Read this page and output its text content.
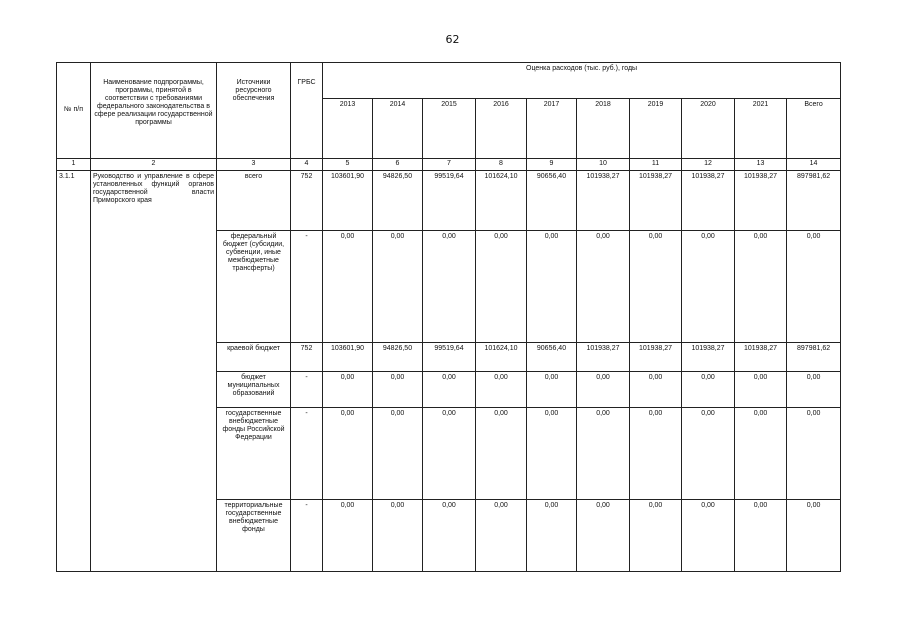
62
№ п/п	Наименование подпрограммы, программы, принятой в соответствии с требованиями федерального законодательства в сфере реализации государственной программы	Источники ресурсного обеспечения	ГРБС	Оценка расходов (тыс. руб.), годы									
				2013	2014	2015	2016	2017	2018	2019	2020	2021	Всего
1	2	3	4	5	6	7	8	9	10	11	12	13	14
3.1.1	Руководство и управление в сфере установленных функций органов государственной власти Приморского края	всего	752	103601,90	94826,50	99519,64	101624,10	90656,40	101938,27	101938,27	101938,27	101938,27	897981,62
		федеральный бюджет (субсидии, субвенции, иные межбюджетные трансферты)	-	0,00	0,00	0,00	0,00	0,00	0,00	0,00	0,00	0,00	0,00
		краевой бюджет	752	103601,90	94826,50	99519,64	101624,10	90656,40	101938,27	101938,27	101938,27	101938,27	897981,62
		бюджет муниципальных образований	-	0,00	0,00	0,00	0,00	0,00	0,00	0,00	0,00	0,00	0,00
		государственные внебюджетные фонды Российской Федерации	-	0,00	0,00	0,00	0,00	0,00	0,00	0,00	0,00	0,00	0,00
		территориальные государственные внебюджетные фонды	-	0,00	0,00	0,00	0,00	0,00	0,00	0,00	0,00	0,00	0,00
